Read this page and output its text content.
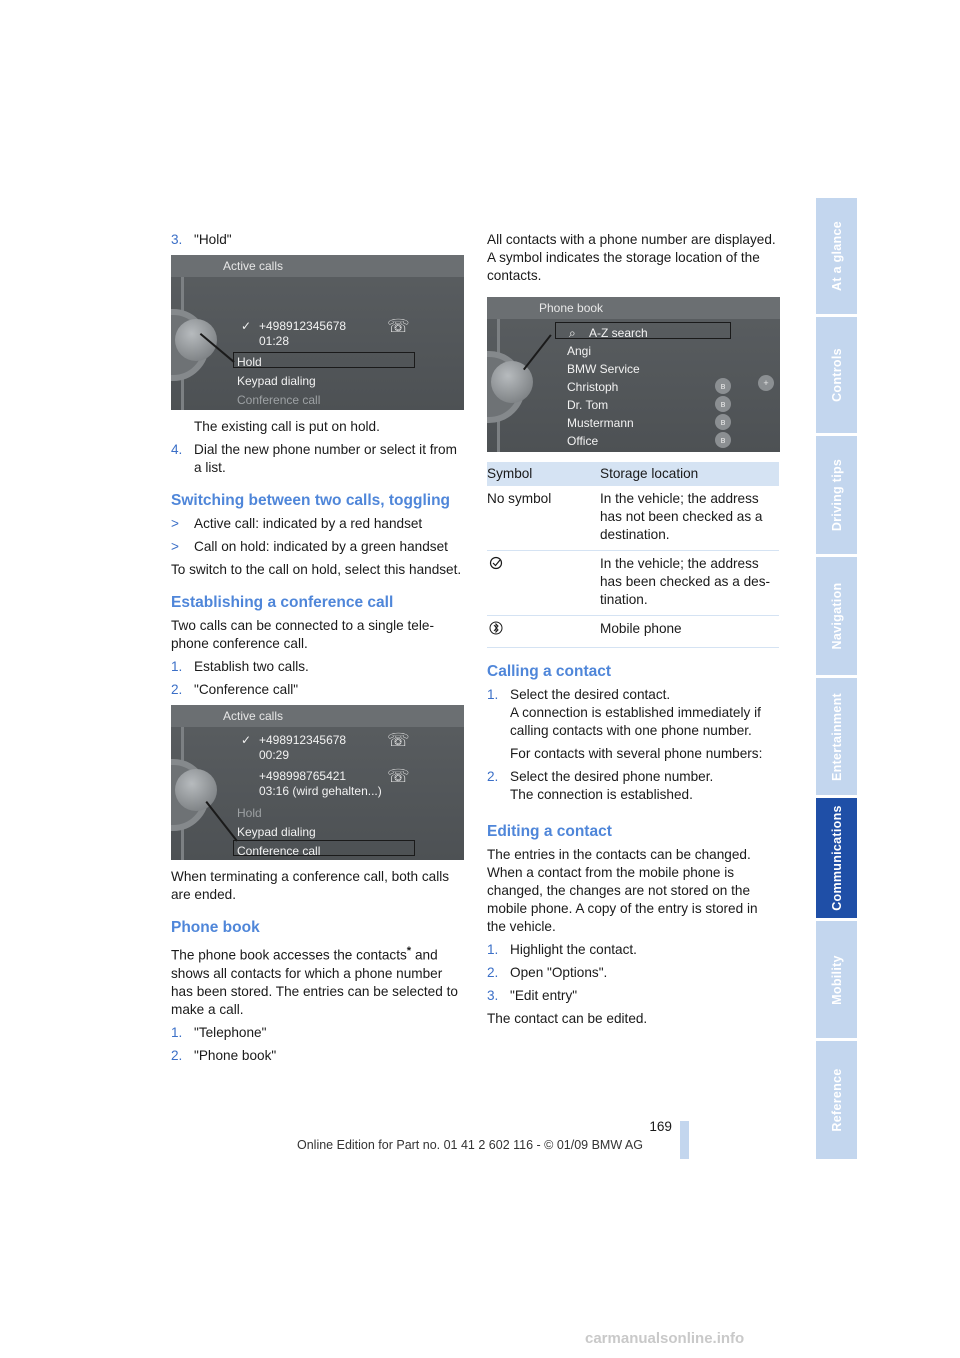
3. "Hold"
Active calls
✓ +498912345678
01:28
☏
Hold
Keypad dialing
Conference call

The existing call is put on hold.

4. Dial the new phone number or select it from a list.
Switching between two calls, toggling
>	Active call: indicated by a red handset
>	Call on hold: indicated by a green handset

To switch to the call on hold, select this handset.

Establishing a conference call

Two calls can be connected to a single tele-phone conference call.

1. Establish two calls.
2. "Conference call"
Active calls
✓ +498912345678
00:29
☏
+498998765421
03:16 (wird gehalten...)
☏
Hold
Keypad dialing
Conference call

When terminating a conference call, both calls are ended.

Phone book

The phone book accesses the contacts* and shows all contacts for which a phone number has been stored. The entries can be selected to make a call.

1. "Telephone"
2. "Phone book"

All contacts with a phone number are displayed. A symbol indicates the storage location of the contacts.

Phone book
⌕ A-Z search
Angi
BMW Service
Christoph
Dr. Tom
Mustermann
Office
ʙ
ʙ
ʙ
ʙ
+
Symbol	Storage location
No symbol	In the vehicle; the address has not been checked as a destination.
	In the vehicle; the address has been checked as a des-tination.
	Mobile phone
Calling a contact
1. Select the desired contact.
A connection is established immediately if calling contacts with one phone number.

For contacts with several phone numbers:

2. Select the desired phone number.
The connection is established.
Editing a contact

The entries in the contacts can be changed. When a contact from the mobile phone is changed, the changes are not stored on the mobile phone. A copy of the entry is stored in the vehicle.

1. Highlight the contact.
2. Open "Options".
3. "Edit entry"

The contact can be edited.

At a glance
Controls
Driving tips
Navigation
Entertainment
Communications
Mobility
Reference
169
Online Edition for Part no. 01 41 2 602 116 - © 01/09 BMW AG
carmanualsonline.info
